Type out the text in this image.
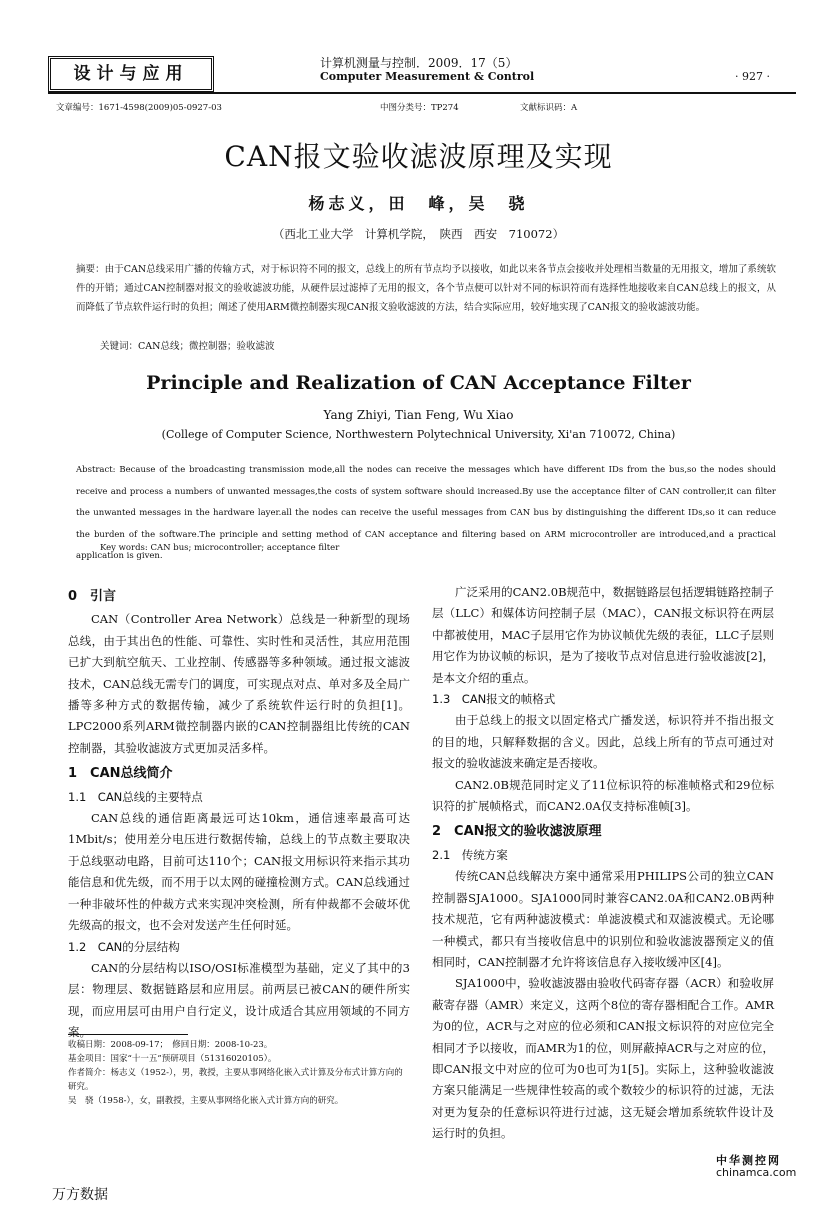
设计与应用
计算机测量与控制．2009．17（5）
Computer Measurement & Control	· 927 ·
文章编号：1671-4598(2009)05-0927-03	中图分类号：TP274	文献标识码：A
CAN报文验收滤波原理及实现
杨志义，田　峰，吴　骁
（西北工业大学　计算机学院，　陕西　西安　710072）
摘要：由于CAN总线采用广播的传输方式，对于标识符不同的报文，总线上的所有节点均予以接收，如此以来各节点会接收并处理相当数量的无用报文，增加了系统软件的开销；通过CAN控制器对报文的验收滤波功能，从硬件层过滤掉了无用的报文，各个节点便可以针对不同的标识符而有选择性地接收来自CAN总线上的报文，从而降低了节点软件运行时的负担；阐述了使用ARM微控制器实现CAN报文验收滤波的方法，结合实际应用，较好地实现了CAN报文的验收滤波功能。
关键词：CAN总线；微控制器；验收滤波
Principle and Realization of CAN Acceptance Filter
Yang Zhiyi, Tian Feng, Wu Xiao
(College of Computer Science, Northwestern Polytechnical University, Xi'an 710072, China)
Abstract: Because of the broadcasting transmission mode,all the nodes can receive the messages which have different IDs from the bus,so the nodes should receive and process a numbers of unwanted messages,the costs of system software should increased.By use the acceptance filter of CAN controller,it can filter the unwanted messages in the hardware layer.all the nodes can receive the useful messages from CAN bus by distinguishing the different IDs,so it can reduce the burden of the software.The principle and setting method of CAN acceptance and filtering based on ARM microcontroller are introduced,and a practical application is given.
Key words: CAN bus; microcontroller; acceptance filter
0　引言

CAN（Controller Area Network）总线是一种新型的现场总线，由于其出色的性能、可靠性、实时性和灵活性，其应用范围已扩大到航空航天、工业控制、传感器等多种领域。通过报文滤波技术，CAN总线无需专门的调度，可实现点对点、单对多及全局广播等多种方式的数据传输，减少了系统软件运行时的负担[1]。LPC2000系列ARM微控制器内嵌的CAN控制器组比传统的CAN控制器，其验收滤波方式更加灵活多样。

1　CAN总线简介
1.1　CAN总线的主要特点

CAN总线的通信距离最远可达10km，通信速率最高可达1Mbit/s；使用差分电压进行数据传输，总线上的节点数主要取决于总线驱动电路，目前可达110个；CAN报文用标识符来指示其功能信息和优先级，而不用于以太网的碰撞检测方式。CAN总线通过一种非破坏性的仲裁方式来实现冲突检测，所有仲裁都不会破坏优先级高的报文，也不会对发送产生任何时延。

1.2　CAN的分层结构

CAN的分层结构以ISO/OSI标准模型为基础，定义了其中的3层：物理层、数据链路层和应用层。前两层已被CAN的硬件所实现，而应用层可由用户自行定义，设计成适合其应用领域的不同方案。

广泛采用的CAN2.0B规范中，数据链路层包括逻辑链路控制子层（LLC）和媒体访问控制子层（MAC），CAN报文标识符在两层中都被使用，MAC子层用它作为协议帧优先级的表征，LLC子层则用它作为协议帧的标识，是为了接收节点对信息进行验收滤波[2]，是本文介绍的重点。

1.3　CAN报文的帧格式

由于总线上的报文以固定格式广播发送，标识符并不指出报文的目的地，只解释数据的含义。因此，总线上所有的节点可通过对报文的验收滤波来确定是否接收。

CAN2.0B规范同时定义了11位标识符的标准帧格式和29位标识符的扩展帧格式，而CAN2.0A仅支持标准帧[3]。

2　CAN报文的验收滤波原理
2.1　传统方案

传统CAN总线解决方案中通常采用PHILIPS公司的独立CAN控制器SJA1000。SJA1000同时兼容CAN2.0A和CAN2.0B两种技术规范，它有两种滤波模式：单滤波模式和双滤波模式。无论哪一种模式，都只有当接收信息中的识别位和验收滤波器预定义的值相同时，CAN控制器才允许将该信息存入接收缓冲区[4]。

SJA1000中，验收滤波器由验收代码寄存器（ACR）和验收屏蔽寄存器（AMR）来定义，这两个8位的寄存器相配合工作。AMR为0的位，ACR与之对应的位必须和CAN报文标识符的对应位完全相同才予以接收，而AMR为1的位，则屏蔽掉ACR与之对应的位，即CAN报文中对应的位可为0也可为1[5]。实际上，这种验收滤波方案只能满足一些规律性较高的或个数较少的标识符的过滤，无法对更为复杂的任意标识符进行过滤，这无疑会增加系统软件设计及运行时的负担。

收稿日期：2008-09-17；　修回日期：2008-10-23。
基金项目：国家“十一五”预研项目（51316020105）。
作者简介：杨志义（1952-），男，教授，主要从事网络化嵌入式计算及分布式计算方向的研究。
吴　骁（1958-），女，副教授，主要从事网络化嵌入式计算方向的研究。
中华测控网
chinamca.com
万方数据
